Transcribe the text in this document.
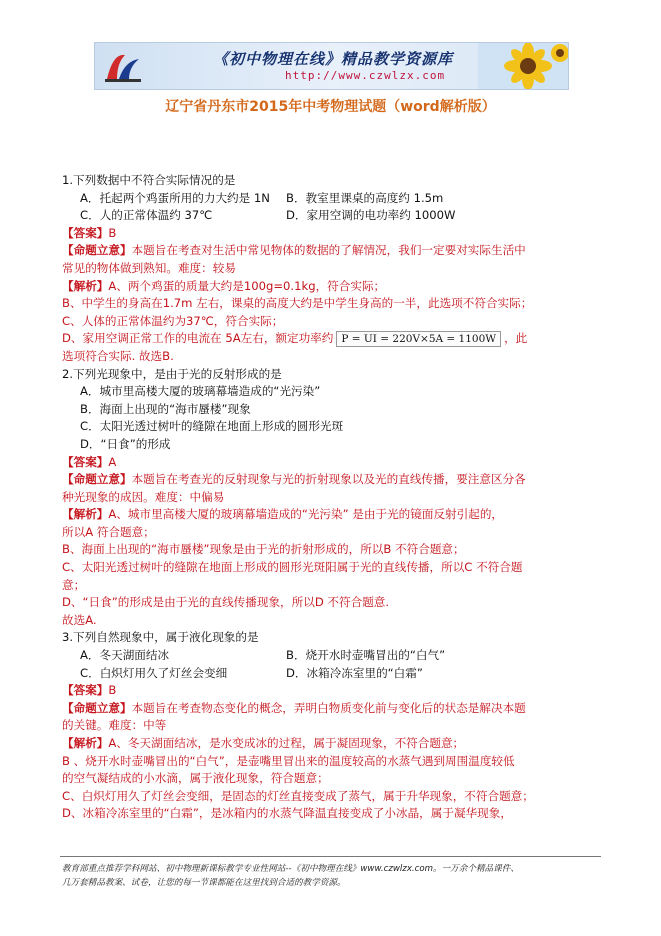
《初中物理在线》精品教学资源库
http://www.czwlzx.com
辽宁省丹东市2015年中考物理试题（word解析版）
1.下列数据中不符合实际情况的是
A．托起两个鸡蛋所用的力大约是 1N B．教室里课桌的高度约 1.5m
C．人的正常体温约 37℃	D．家用空调的电功率约 1000W
【答案】B
【命题立意】本题旨在考查对生活中常见物体的数据的了解情况，我们一定要对实际生活中
常见的物体做到熟知。难度：较易
【解析】A、两个鸡蛋的质量大约是100g=0.1kg，符合实际；
B、中学生的身高在1.7m 左右，课桌的高度大约是中学生身高的一半，此选项不符合实际；
C、人体的正常体温约为37℃，符合实际；
D、家用空调正常工作的电流在 5A左右，额定功率约 P = UI = 220V×5A = 1100W ，此
选项符合实际. 故选B.
2.下列光现象中，是由于光的反射形成的是
A．城市里高楼大厦的玻璃幕墙造成的“光污染”
B．海面上出现的“海市蜃楼”现象
C．太阳光透过树叶的缝隙在地面上形成的圆形光斑
D．“日食”的形成
【答案】A
【命题立意】本题旨在考查光的反射现象与光的折射现象以及光的直线传播，要注意区分各
种光现象的成因。难度：中偏易
【解析】A、城市里高楼大厦的玻璃幕墙造成的“光污染” 是由于光的镜面反射引起的，
所以A 符合题意；
B、海面上出现的“海市蜃楼”现象是由于光的折射形成的，所以B 不符合题意；
C、太阳光透过树叶的缝隙在地面上形成的圆形光斑阳属于光的直线传播，所以C 不符合题
意；
D、“日食”的形成是由于光的直线传播现象，所以D 不符合题意.
故选A.
3.下列自然现象中，属于液化现象的是
A．冬天湖面结冰	B．烧开水时壶嘴冒出的“白气”
C．白炽灯用久了灯丝会变细	D．冰箱冷冻室里的“白霜”
【答案】B
【命题立意】本题旨在考查物态变化的概念，弄明白物质变化前与变化后的状态是解决本题
的关键。难度：中等
【解析】A、冬天湖面结冰，是水变成冰的过程，属于凝固现象，不符合题意；
B 、烧开水时壶嘴冒出的“白气”，是壶嘴里冒出来的温度较高的水蒸气遇到周围温度较低
的空气凝结成的小水滴，属于液化现象，符合题意；
C、白炽灯用久了灯丝会变细，是固态的灯丝直接变成了蒸气，属于升华现象，不符合题意；
D、冰箱冷冻室里的“白霜”，是冰箱内的水蒸气降温直接变成了小冰晶，属于凝华现象，
教育部重点推荐学科网站、初中物理新课标教学专业性网站--《初中物理在线》www.czwlzx.com。一万余个精品课件、
几万套精品教案、试卷，让您的每一节课都能在这里找到合适的教学资源。
